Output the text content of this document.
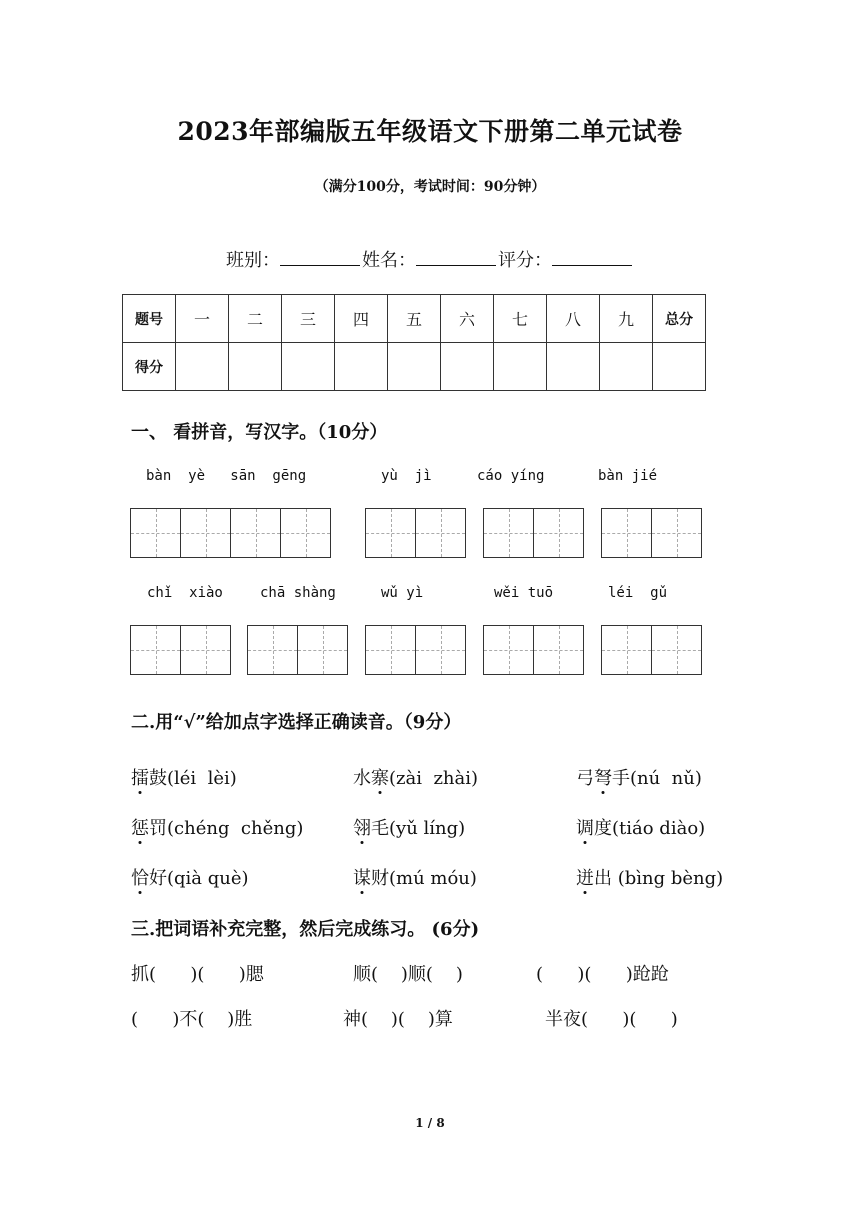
2023年部编版五年级语文下册第二单元试卷
（满分100分，考试时间：90分钟）
班别：	姓名：	评分：
题号	一	二	三	四	五	六	七	八	九	总分
得分										
一、 看拼音，写汉字。（10分）
bàn  yè   sān  gēng	yù  jì	cáo yíng	bàn jié
chǐ  xiào	chā shàng	wǔ yì	wěi tuō	léi  gǔ
二.用“√”给加点字选择正确读音。（9分）
擂鼓(léi  lèi)	水寨(zài  zhài)	弓弩手(nú  nǔ)
惩罚(chéng  chěng)	翎毛(yǔ líng)	调度(tiáo diào)
恰好(qià què)	谋财(mú móu)	迸出 (bìng bèng)
三.把词语补充完整，然后完成练习。 (6分)
抓(      )(      )腮	顺(    )顺(    )	(      )(      )跄跄
(      )不(    )胜	神(    )(    )算	半夜(      )(      )
1 / 8
